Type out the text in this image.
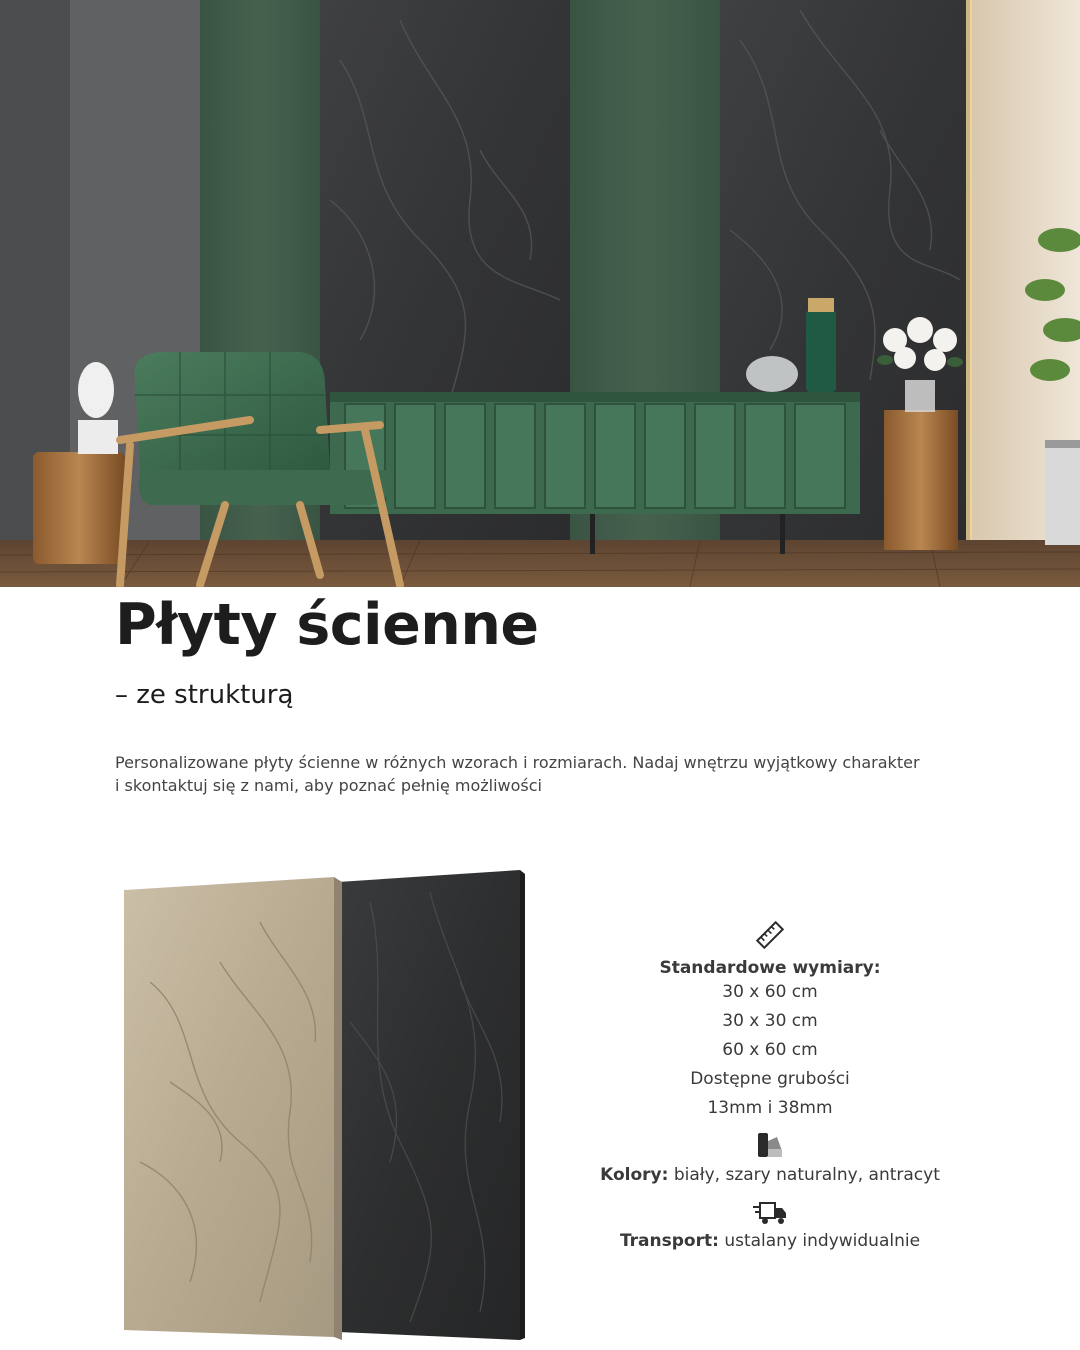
Płyty ścienne
– ze strukturą
Personalizowane płyty ścienne w różnych wzorach i rozmiarach. Nadaj wnętrzu wyjątkowy charakter
i skontaktuj się z nami, aby poznać pełnię możliwości
Standardowe wymiary:
30 x 60 cm
30 x 30 cm
60 x 60 cm
Dostępne grubości
13mm i 38mm
Kolory: biały, szary naturalny, antracyt
Transport: ustalany indywidualnie
